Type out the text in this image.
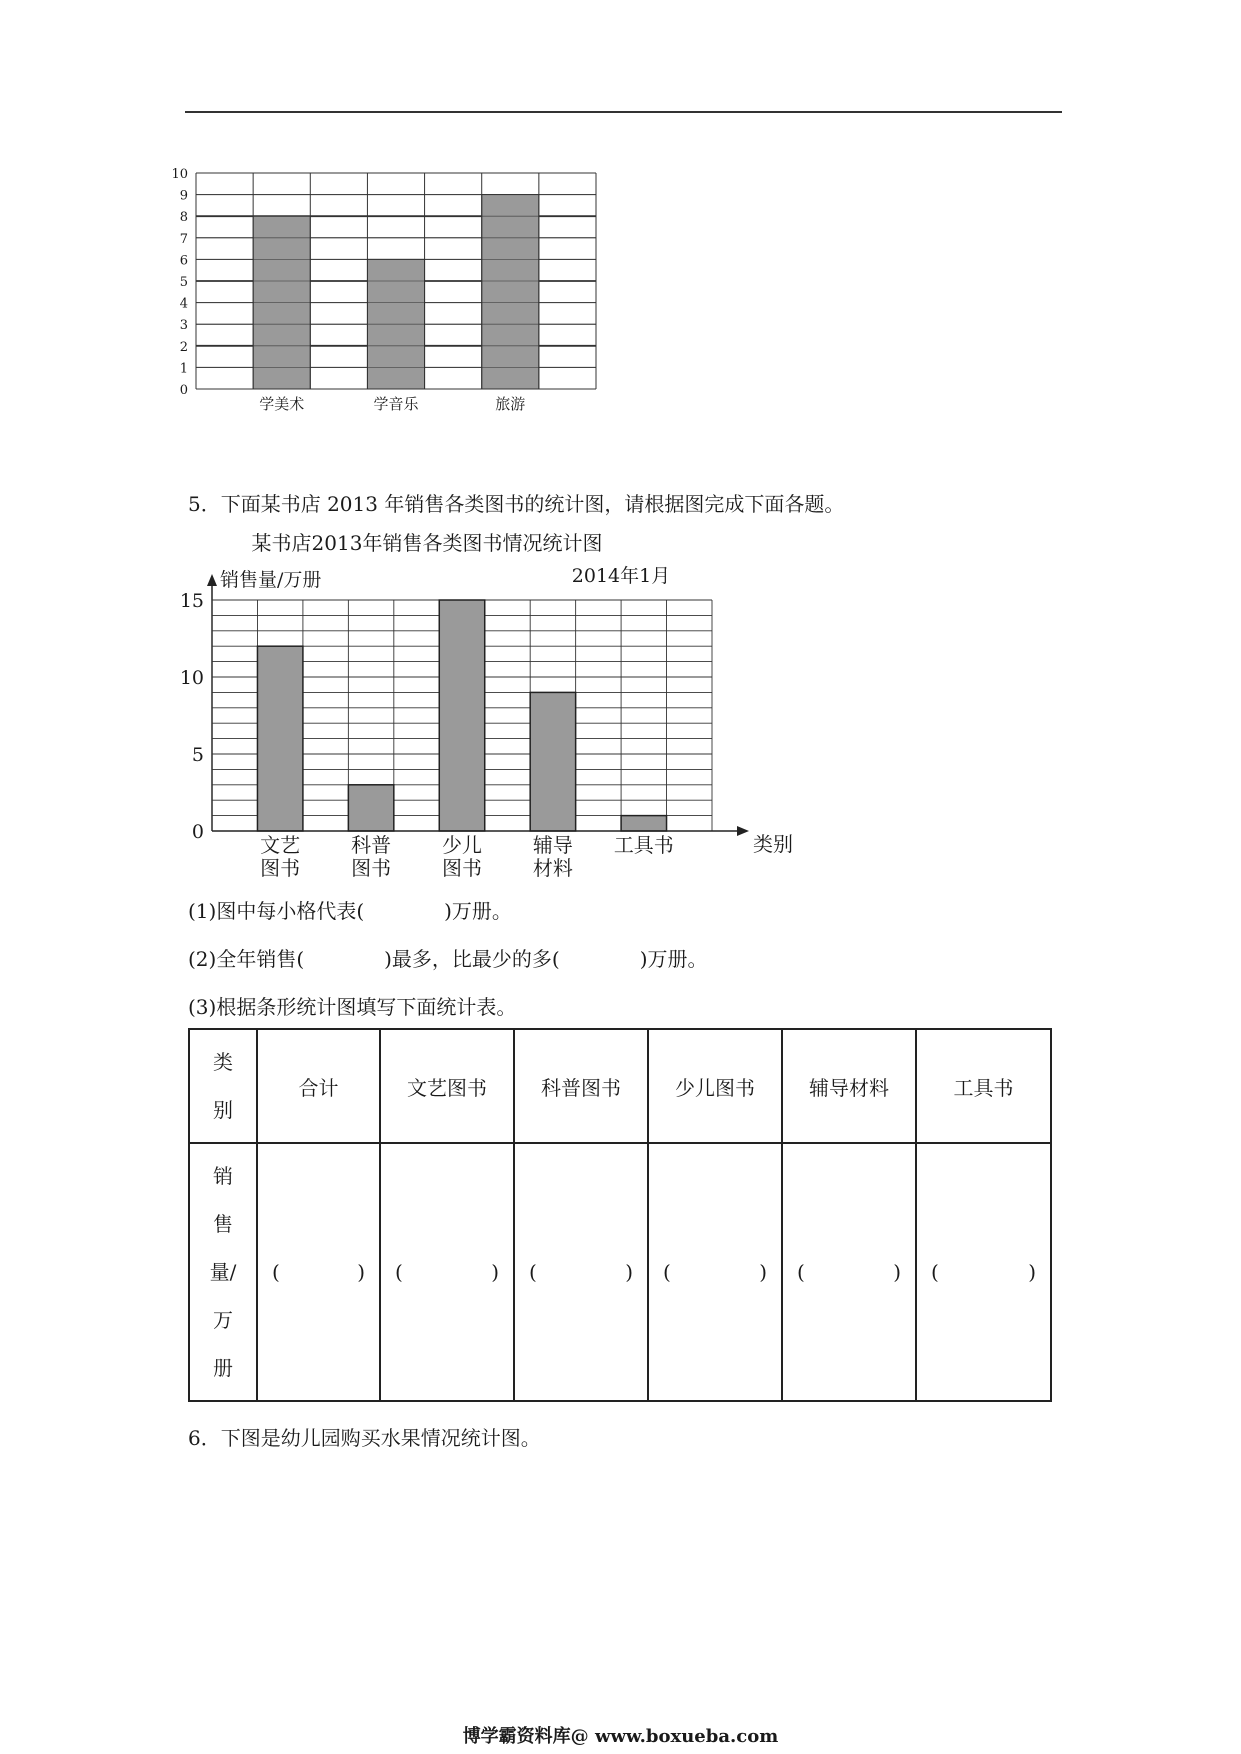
0
1
2
3
4
5
6
7
8
9
10
学美术	学音乐	旅游
5．下面某书店 2013 年销售各类图书的统计图，请根据图完成下面各题。
某书店2013年销售各类图书情况统计图
2014年1月
销售量/万册
类别
0
5
10
15
文艺
图书
科普
图书
少儿
图书
辅导
材料
工具书
(1)图中每小格代表(　　　　)万册。
(2)全年销售(　　　　)最多，比最少的多(　　　　)万册。
(3)根据条形统计图填写下面统计表。
类
别	合计	文艺图书	科普图书	少儿图书	辅导材料	工具书

销
售
量/
万
册	( )	( )	( )	( )	( )	( )
6．下图是幼儿园购买水果情况统计图。
博学霸资料库@ www.boxueba.com
